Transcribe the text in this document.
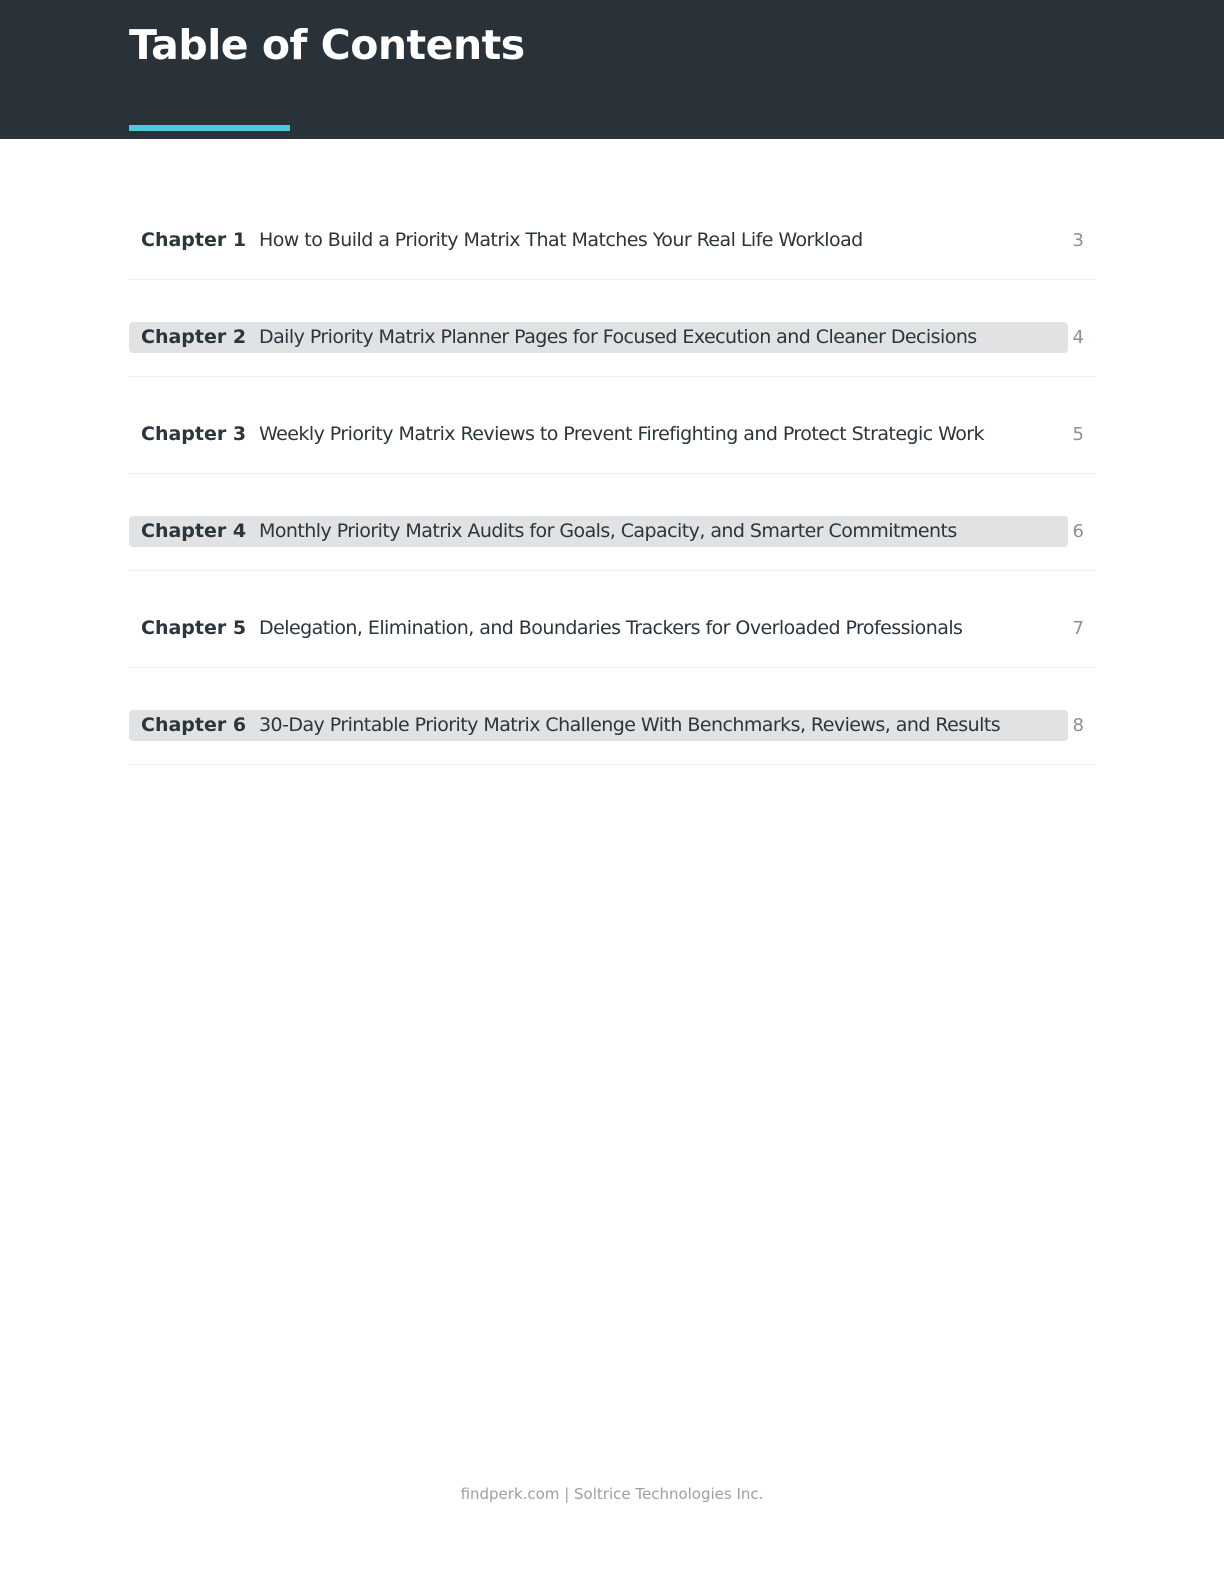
Table of Contents
Chapter 1 How to Build a Priority Matrix That Matches Your Real Life Workload	3
Chapter 2 Daily Priority Matrix Planner Pages for Focused Execution and Cleaner Decisions	4
Chapter 3 Weekly Priority Matrix Reviews to Prevent Firefighting and Protect Strategic Work	5
Chapter 4 Monthly Priority Matrix Audits for Goals, Capacity, and Smarter Commitments	6
Chapter 5 Delegation, Elimination, and Boundaries Trackers for Overloaded Professionals	7
Chapter 6 30-Day Printable Priority Matrix Challenge With Benchmarks, Reviews, and Results	8
findperk.com | Soltrice Technologies Inc.
